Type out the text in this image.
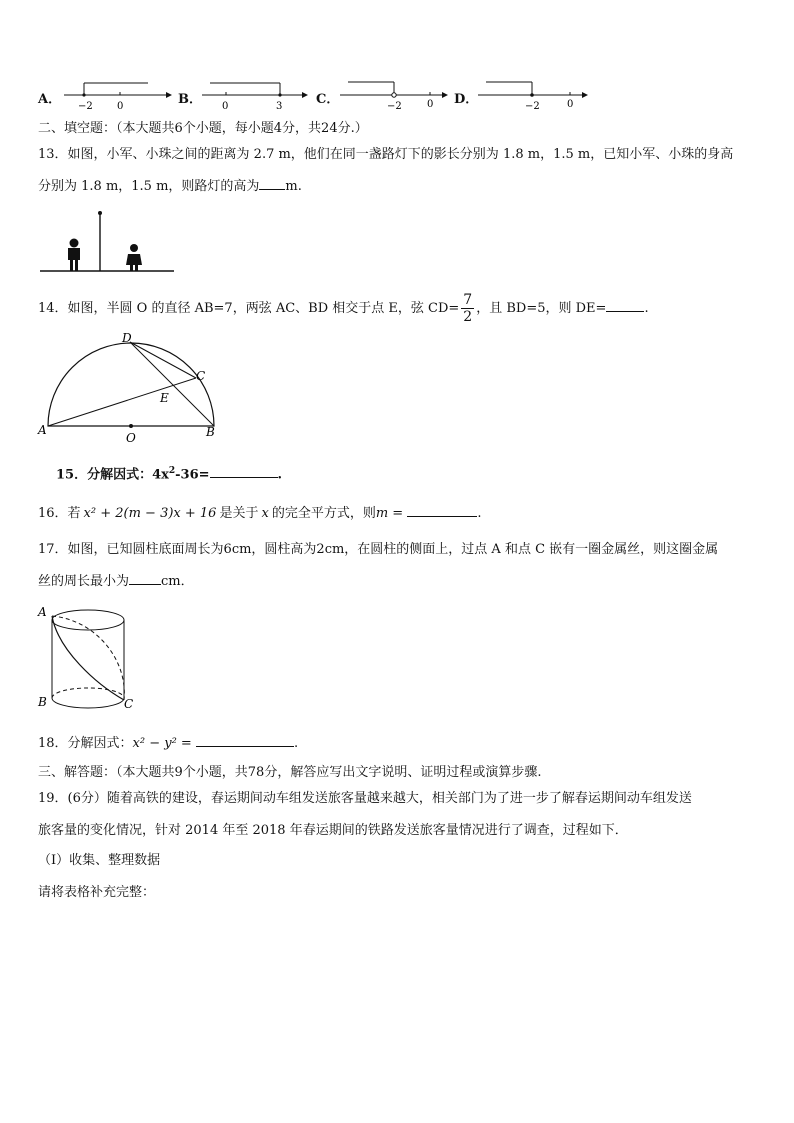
A． −2 0	B． 0	3	C．	−2	0 D．	−2	0
二、填空题：（本大题共6个小题，每小题4分，共24分.）
13．如图，小军、小珠之间的距离为 2.7 m，他们在同一盏路灯下的影长分别为 1.8 m，1.5 m，已知小军、小珠的身高
分别为 1.8 m，1.5 m，则路灯的高为 m.
14．如图，半圆 O 的直径 AB=7，两弦 AC、BD 相交于点 E，弦 $CD= \frac{7}{2}$ ，且 BD=5，则 DE=	.
A	B
C
D
E
O
15．分解因式：$4x^2-36=$	.
16．若 x² + 2(m − 3)x + 16 是关于 x 的完全平方式，则m =	.
17．如图，已知圆柱底面周长为6cm，圆柱高为2cm，在圆柱的侧面上，过点 A 和点 C 嵌有一圈金属丝，则这圈金属
丝的周长最小为 cm．
A
B	C
18．分解因式：x² − y² =	.
三、解答题：（本大题共9个小题，共78分，解答应写出文字说明、证明过程或演算步骤.
19．(6分）随着高铁的建设，春运期间动车组发送旅客量越来越大，相关部门为了进一步了解春运期间动车组发送
旅客量的变化情况，针对 2014 年至 2018 年春运期间的铁路发送旅客量情况进行了调查，过程如下．
（Ⅰ）收集、整理数据
请将表格补充完整：
